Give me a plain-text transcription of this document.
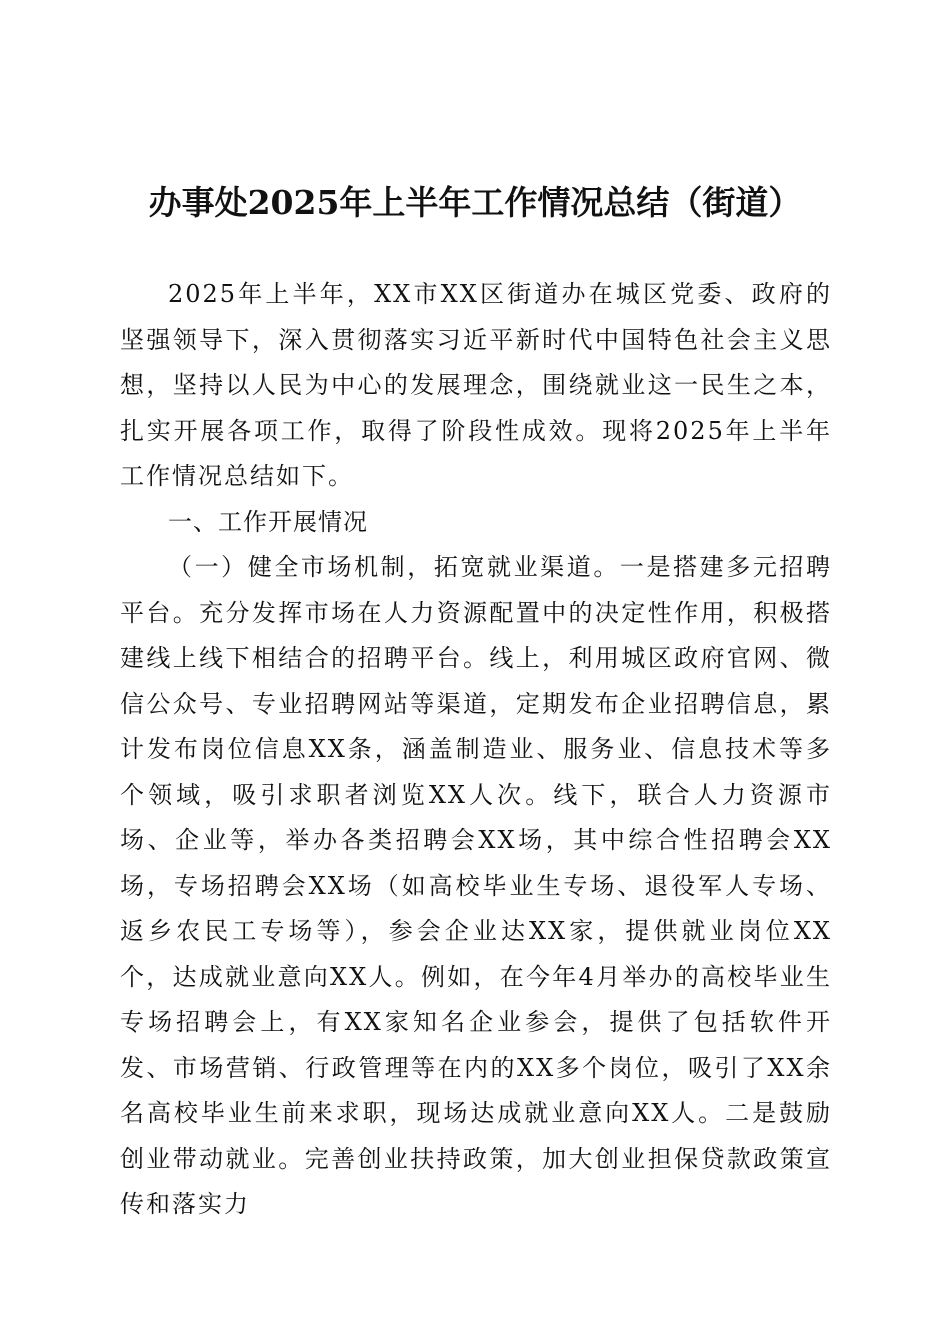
办事处2025年上半年工作情况总结（街道）

2025年上半年，XX市XX区街道办在城区党委、政府的坚强领导下，深入贯彻落实习近平新时代中国特色社会主义思想，坚持以人民为中心的发展理念，围绕就业这一民生之本，扎实开展各项工作，取得了阶段性成效。现将2025年上半年工作情况总结如下。

一、工作开展情况

（一）健全市场机制，拓宽就业渠道。一是搭建多元招聘平台。充分发挥市场在人力资源配置中的决定性作用，积极搭建线上线下相结合的招聘平台。线上，利用城区政府官网、微信公众号、专业招聘网站等渠道，定期发布企业招聘信息，累计发布岗位信息XX条，涵盖制造业、服务业、信息技术等多个领域，吸引求职者浏览XX人次。线下，联合人力资源市场、企业等，举办各类招聘会XX场，其中综合性招聘会XX场，专场招聘会XX场（如高校毕业生专场、退役军人专场、返乡农民工专场等），参会企业达XX家，提供就业岗位XX个，达成就业意向XX人。例如，在今年4月举办的高校毕业生专场招聘会上，有XX家知名企业参会，提供了包括软件开发、市场营销、行政管理等在内的XX多个岗位，吸引了XX余名高校毕业生前来求职，现场达成就业意向XX人。二是鼓励创业带动就业。完善创业扶持政策，加大创业担保贷款政策宣传和落实力
